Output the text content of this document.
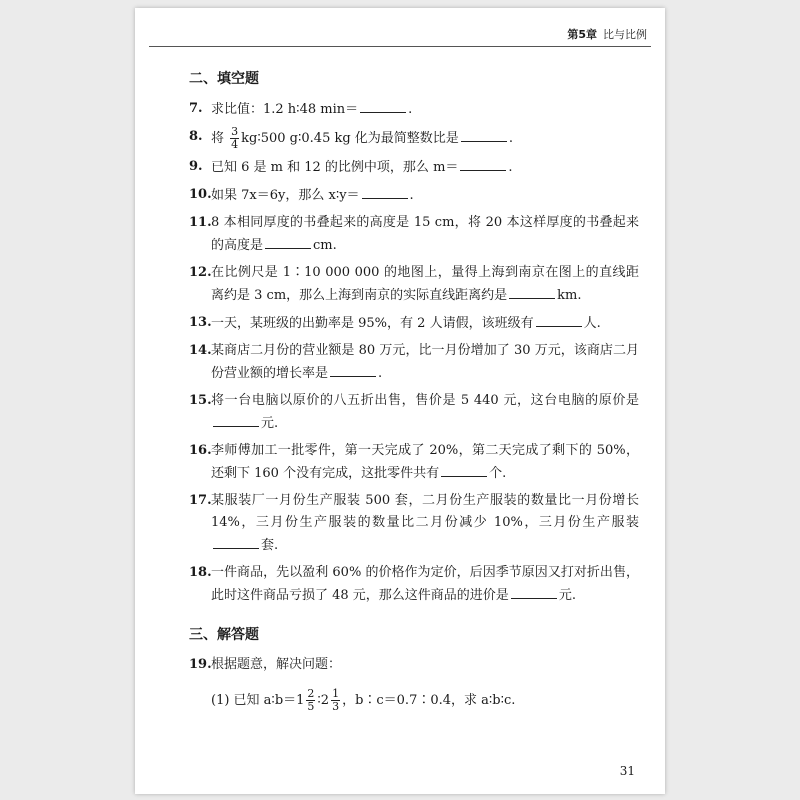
第5章 比与比例
二、填空题
7. 求比值：1.2 h∶48 min＝	.
8. 将 $\frac{3}{4}$ kg∶500 g∶0.45 kg 化为最简整数比是	.
9. 已知 6 是 m 和 12 的比例中项，那么 m＝	.
10. 如果 7x＝6y，那么 x∶y＝	.
11. 8 本相同厚度的书叠起来的高度是 15 cm，将 20 本这样厚度的书叠起来的高度是	cm.
12. 在比例尺是 1∶10 000 000 的地图上，量得上海到南京在图上的直线距离约是 3 cm，那么上海到南京的实际直线距离约是	km.
13. 一天，某班级的出勤率是 95%，有 2 人请假，该班级有	人.
14. 某商店二月份的营业额是 80 万元，比一月份增加了 30 万元，该商店二月份营业额的增长率是	.
15. 将一台电脑以原价的八五折出售，售价是 5 440 元，这台电脑的原价是元.
16. 李师傅加工一批零件，第一天完成了 20%，第二天完成了剩下的 50%，还剩下 160 个没有完成，这批零件共有	个.
17. 某服装厂一月份生产服装 500 套，二月份生产服装的数量比一月份增长 14%，三月份生产服装的数量比二月份减少 10%，三月份生产服装套.
18. 一件商品，先以盈利 60% 的价格作为定价，后因季节原因又打对折出售，此时这件商品亏损了 48 元，那么这件商品的进价是	元.
三、解答题
19. 根据题意，解决问题：
(1) 已知 a∶b＝1 $\frac{2}{5}$ ∶2 $\frac{1}{3}$ ，b∶c＝0.7∶0.4，求 a∶b∶c.
31
